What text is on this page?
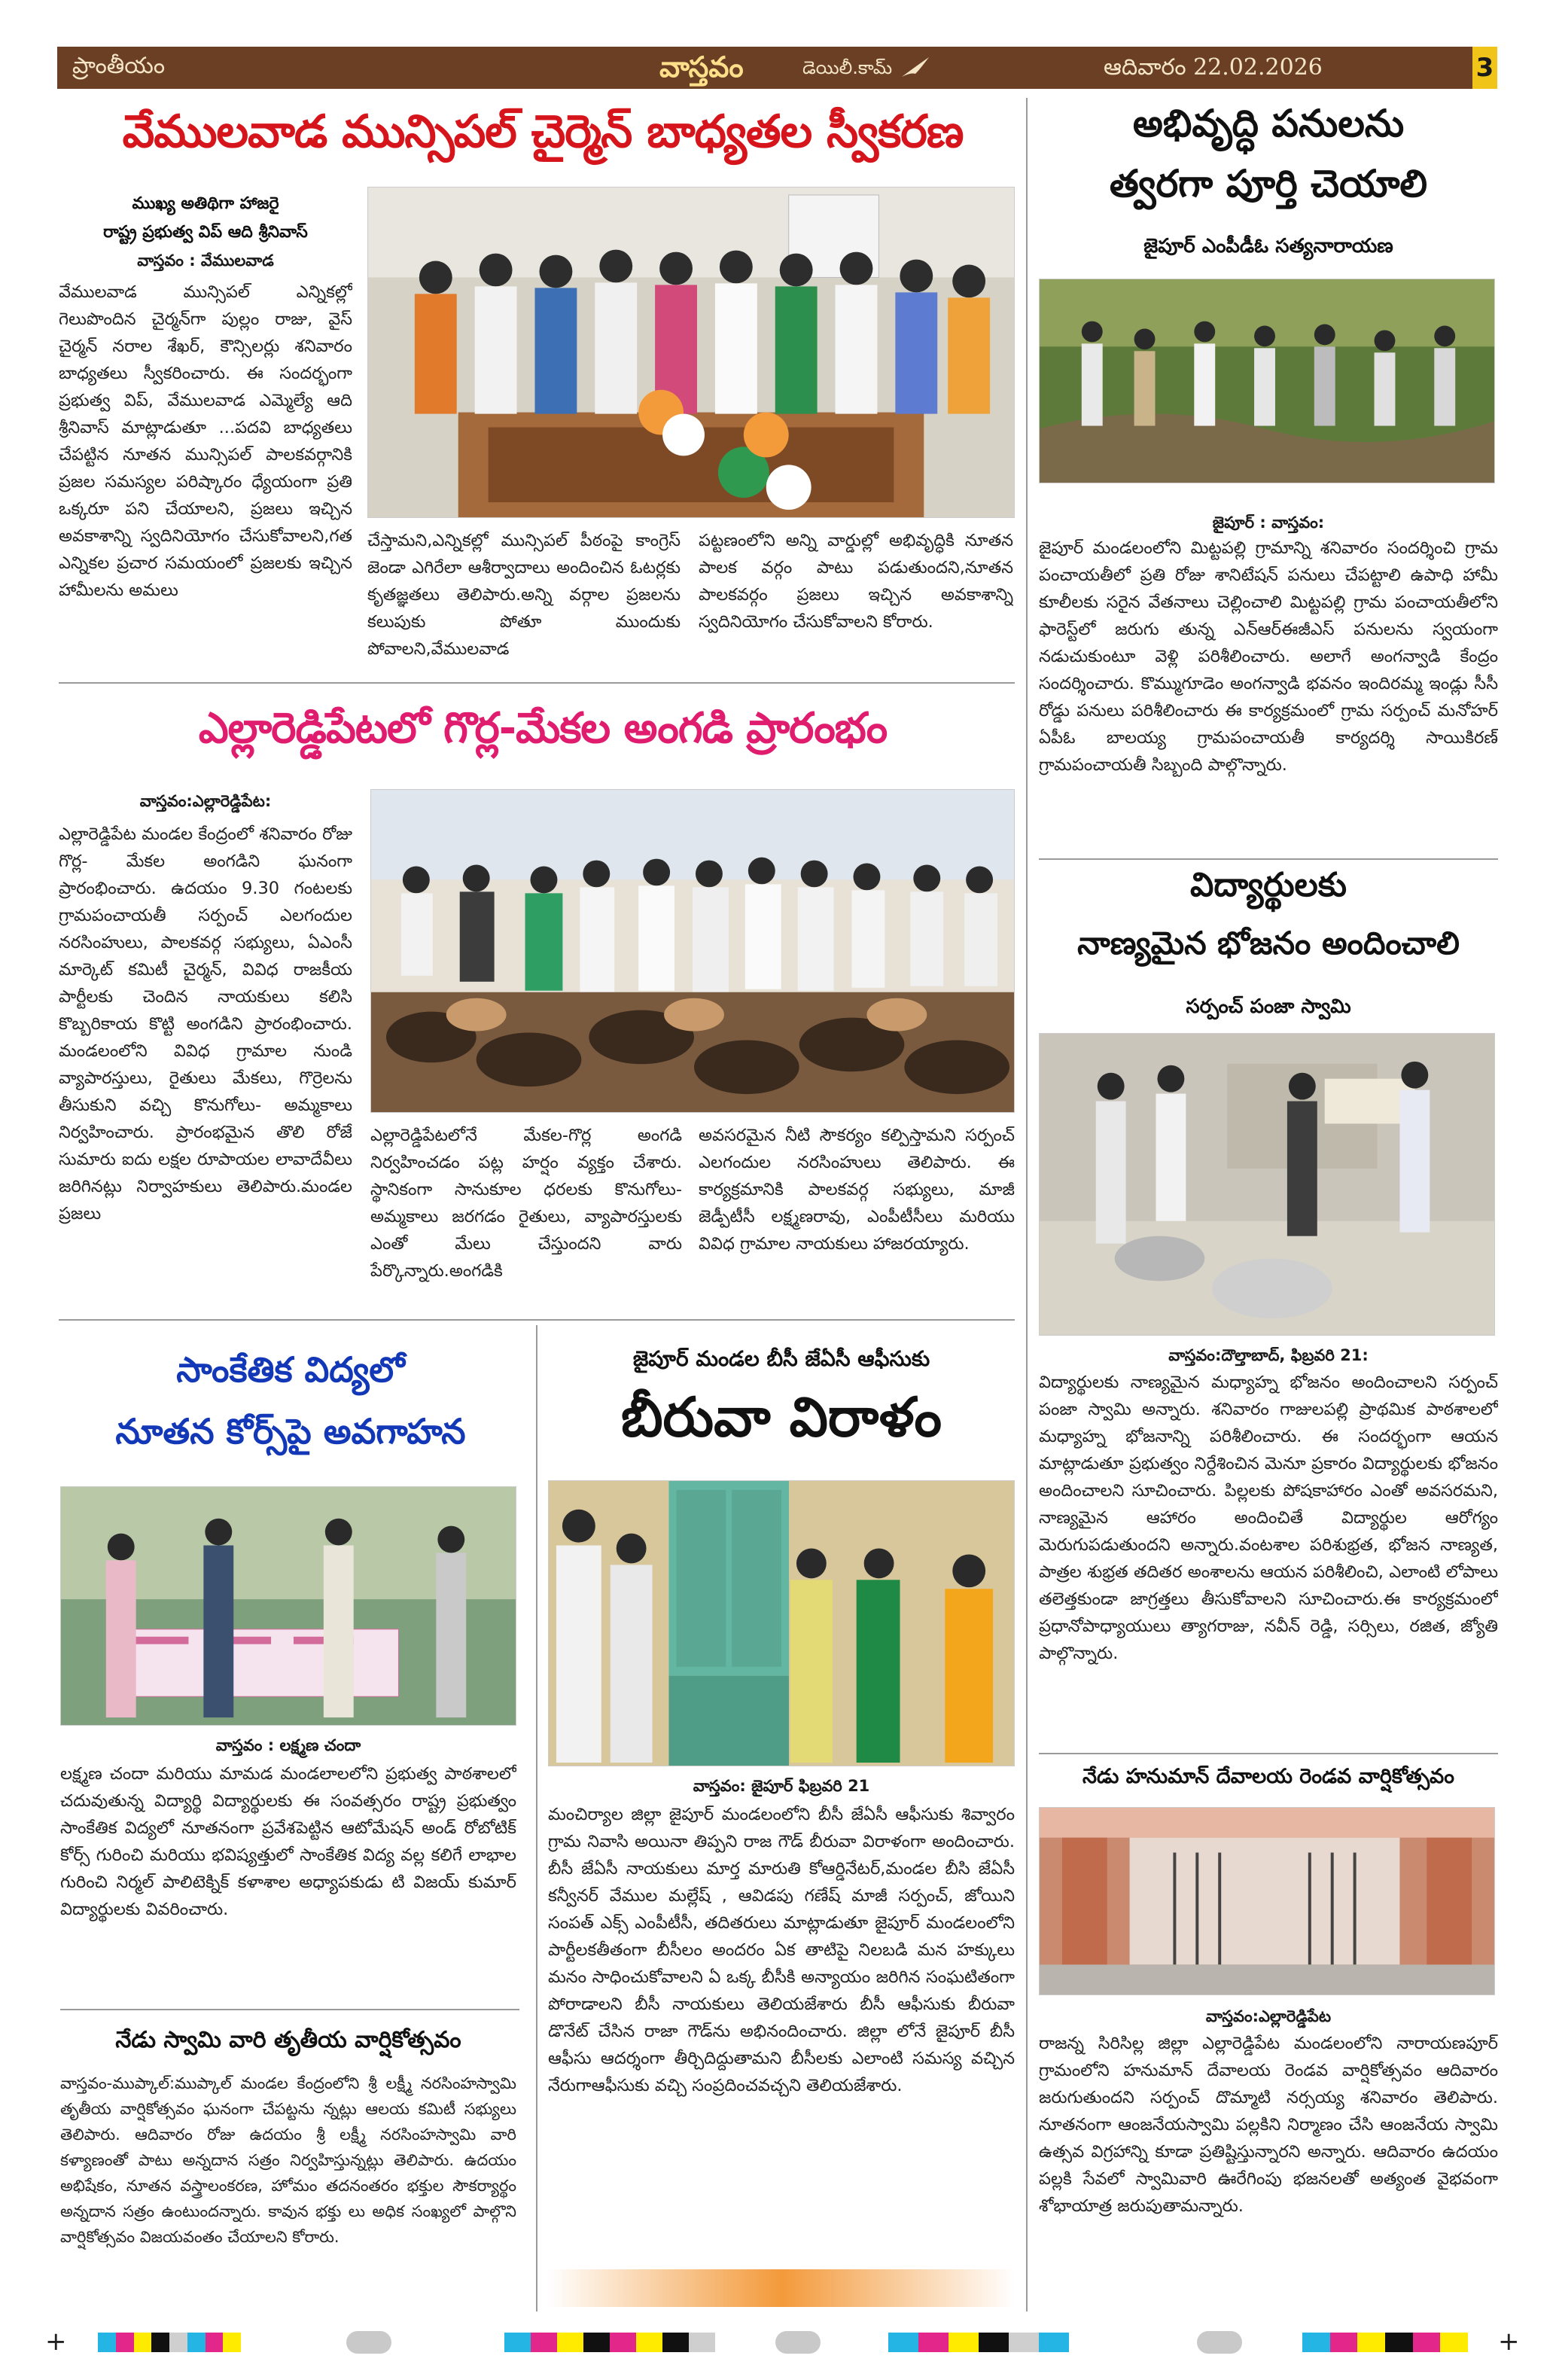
ప్రాంతీయం	వాస్తవం	డెయిలీ.కామ్	ఆదివారం 22.02.2026	3
వేములవాడ మున్సిపల్ చైర్మెన్ బాధ్యతల స్వీకరణ
ముఖ్య అతిథిగా హాజరై
రాష్ట్ర ప్రభుత్వ విప్ ఆది శ్రీనివాస్
వాస్తవం : వేములవాడ
వేములవాడ మున్సిపల్ ఎన్నికల్లో గెలుపొందిన చైర్మన్‌గా పుల్లం రాజు, వైస్ చైర్మన్ నరాల శేఖర్, కౌన్సిలర్లు శనివారం బాధ్యతలు స్వీకరించారు. ఈ సందర్భంగా ప్రభుత్వ విప్, వేములవాడ ఎమ్మెల్యే ఆది శ్రీనివాస్ మాట్లాడుతూ ...పదవి బాధ్యతలు చేపట్టిన నూతన మున్సిపల్ పాలకవర్గానికి ప్రజల సమస్యల పరిష్కారం ధ్యేయంగా ప్రతి ఒక్కరూ పని చేయాలని, ప్రజలు ఇచ్చిన అవకాశాన్ని స్వదినియోగం చేసుకోవాలని,గత ఎన్నికల ప్రచార సమయంలో ప్రజలకు ఇచ్చిన హామీలను అమలు
చేస్తామని,ఎన్నికల్లో మున్సిపల్ పీఠంపై కాంగ్రెస్ జెండా ఎగిరేలా ఆశీర్వాదాలు అందించిన ఓటర్లకు కృతజ్ఞతలు తెలిపారు.అన్ని వర్గాల ప్రజలను కలుపుకు పోతూ ముందుకు పోవాలని,వేములవాడ
పట్టణంలోని అన్ని వార్డుల్లో అభివృద్ధికి నూతన పాలక వర్గం పాటు పడుతుందని,నూతన పాలకవర్గం ప్రజలు ఇచ్చిన అవకాశాన్ని స్వదినియోగం చేసుకోవాలని కోరారు.
ఎల్లారెడ్డిపేటలో గొర్ల-మేకల అంగడి ప్రారంభం
వాస్తవం:ఎల్లారెడ్డిపేట:
ఎల్లారెడ్డిపేట మండల కేంద్రంలో శనివారం రోజు గొర్ల- మేకల అంగడిని ఘనంగా ప్రారంభించారు. ఉదయం 9.30 గంటలకు గ్రామపంచాయతీ సర్పంచ్ ఎలగందుల నరసింహులు, పాలకవర్గ సభ్యులు, ఏఎంసీ మార్కెట్ కమిటీ చైర్మన్, వివిధ రాజకీయ పార్టీలకు చెందిన నాయకులు కలిసి కొబ్బరికాయ కొట్టి అంగడిని ప్రారంభించారు. మండలంలోని వివిధ గ్రామాల నుండి వ్యాపారస్తులు, రైతులు మేకలు, గొర్రెలను తీసుకుని వచ్చి కొనుగోలు- అమ్మకాలు నిర్వహించారు. ప్రారంభమైన తొలి రోజే సుమారు ఐదు లక్షల రూపాయల లావాదేవీలు జరిగినట్లు నిర్వాహకులు తెలిపారు.మండల ప్రజలు
ఎల్లారెడ్డిపేటలోనే మేకల-గొర్ల అంగడి నిర్వహించడం పట్ల హర్షం వ్యక్తం చేశారు. స్థానికంగా సానుకూల ధరలకు కొనుగోలు- అమ్మకాలు జరగడం రైతులు, వ్యాపారస్తులకు ఎంతో మేలు చేస్తుందని వారు పేర్కొన్నారు.అంగడికి
అవసరమైన నీటి సౌకర్యం కల్పిస్తామని సర్పంచ్ ఎలగందుల నరసింహులు తెలిపారు. ఈ కార్యక్రమానికి పాలకవర్గ సభ్యులు, మాజీ జెడ్పీటీసీ లక్ష్మణరావు, ఎంపీటీసీలు మరియు వివిధ గ్రామాల నాయకులు హాజరయ్యారు.
అభివృద్ధి పనులను
త్వరగా పూర్తి చెయాలి
జైపూర్ ఎంపీడీఓ సత్యనారాయణ
జైపూర్ : వాస్తవం:
జైపూర్ మండలంలోని మిట్టపల్లి గ్రామాన్ని శనివారం సందర్శించి గ్రామ పంచాయతీలో ప్రతి రోజు శానిటేషన్ పనులు చేపట్టాలి ఉపాధి హామీ కూలీలకు సరైన వేతనాలు చెల్లించాలి మిట్టపల్లి గ్రామ పంచాయతీలోని ఫారెస్ట్‌లో జరుగు తున్న ఎన్ఆర్ఈజీఎస్ పనులను స్వయంగా నడుచుకుంటూ వెళ్లి పరిశీలించారు. అలాగే అంగన్వాడి కేంద్రం సందర్శించారు. కొమ్ముగూడెం అంగన్వాడి భవనం ఇందిరమ్మ ఇండ్లు సీసీ రోడ్డు పనులు పరిశీలించారు ఈ కార్యక్రమంలో గ్రామ సర్పంచ్ మనోహర్ ఏపీఓ బాలయ్య గ్రామపంచాయతీ కార్యదర్శి సాయికిరణ్ గ్రామపంచాయతీ సిబ్బంది పాల్గొన్నారు.
విద్యార్థులకు
నాణ్యమైన భోజనం అందించాలి
సర్పంచ్ పంజా స్వామి
వాస్తవం:దౌల్తాబాద్, ఫిబ్రవరి 21:
విద్యార్థులకు నాణ్యమైన మధ్యాహ్న భోజనం అందించాలని సర్పంచ్ పంజా స్వామి అన్నారు. శనివారం గాజులపల్లి ప్రాథమిక పాఠశాలలో మధ్యాహ్న భోజనాన్ని పరిశీలించారు. ఈ సందర్భంగా ఆయన మాట్లాడుతూ ప్రభుత్వం నిర్దేశించిన మెనూ ప్రకారం విద్యార్థులకు భోజనం అందించాలని సూచించారు. పిల్లలకు పోషకాహారం ఎంతో అవసరమని, నాణ్యమైన ఆహారం అందించితే విద్యార్థుల ఆరోగ్యం మెరుగుపడుతుందని అన్నారు.వంటశాల పరిశుభ్రత, భోజన నాణ్యత, పాత్రల శుభ్రత తదితర అంశాలను ఆయన పరిశీలించి, ఎలాంటి లోపాలు తలెత్తకుండా జాగ్రత్తలు తీసుకోవాలని సూచించారు.ఈ కార్యక్రమంలో ప్రధానోపాధ్యాయులు త్యాగరాజు, నవీన్ రెడ్డి, సర్సిలు, రజిత, జ్యోతి పాల్గొన్నారు.
నేడు హనుమాన్ దేవాలయ రెండవ వార్షికోత్సవం
వాస్తవం:ఎల్లారెడ్డిపేట
రాజన్న సిరిసిల్ల జిల్లా ఎల్లారెడ్డిపేట మండలంలోని నారాయణపూర్ గ్రామంలోని హనుమాన్ దేవాలయ రెండవ వార్షికోత్సవం ఆదివారం జరుగుతుందని సర్పంచ్ దొమ్మాటి నర్సయ్య శనివారం తెలిపారు. నూతనంగా ఆంజనేయస్వామి పల్లకిని నిర్మాణం చేసి ఆంజనేయ స్వామి ఉత్సవ విగ్రహాన్ని కూడా ప్రతిష్టిస్తున్నారని అన్నారు. ఆదివారం ఉదయం పల్లకి సేవలో స్వామివారి ఊరేగింపు భజనలతో అత్యంత వైభవంగా శోభాయాత్ర జరుపుతామన్నారు.
సాంకేతిక విద్యలో
నూతన కోర్స్‌పై అవగాహన
వాస్తవం : లక్ష్మణ చందా
లక్ష్మణ చందా మరియు మామడ మండలాలలోని ప్రభుత్వ పాఠశాలలో చదువుతున్న విద్యార్థి విద్యార్థులకు ఈ సంవత్సరం రాష్ట్ర ప్రభుత్వం సాంకేతిక విద్యలో నూతనంగా ప్రవేశపెట్టిన ఆటోమేషన్ అండ్ రోబోటిక్ కోర్స్ గురించి మరియు భవిష్యత్తులో సాంకేతిక విద్య వల్ల కలిగే లాభాల గురించి నిర్మల్ పాలిటెక్నిక్ కళాశాల అధ్యాపకుడు టి విజయ్ కుమార్ విద్యార్థులకు వివరించారు.
నేడు స్వామి వారి తృతీయ వార్షికోత్సవం
వాస్తవం-ముప్కాల్:ముప్కాల్ మండల కేంద్రంలోని శ్రీ లక్ష్మీ నరసింహస్వామి తృతీయ వార్షికోత్సవం ఘనంగా చేపట్టను న్నట్లు ఆలయ కమిటీ సభ్యులు తెలిపారు. ఆదివారం రోజు ఉదయం శ్రీ లక్ష్మీ నరసింహస్వామి వారి కళ్యాణంతో పాటు అన్నదాన సత్రం నిర్వహిస్తున్నట్లు తెలిపారు. ఉదయం అభిషేకం, నూతన వస్త్రాలంకరణ, హోమం తదనంతరం భక్తుల సౌకర్యార్థం అన్నదాన సత్రం ఉంటుందన్నారు. కావున భక్తు లు అధిక సంఖ్యలో పాల్గొని వార్షికోత్సవం విజయవంతం చేయాలని కోరారు.
జైపూర్ మండల బీసీ జేఏసీ ఆఫీసుకు
బీరువా విరాళం
వాస్తవం: జైపూర్ ఫిబ్రవరి 21
మంచిర్యాల జిల్లా జైపూర్ మండలంలోని బీసీ జేఏసీ ఆఫీసుకు శివ్వారం గ్రామ నివాసి అయినా తిప్పని రాజ గౌడ్ బీరువా విరాళంగా అందించారు. బీసీ జేఏసీ నాయకులు మార్త మారుతి కోఆర్డినేటర్,మండల బీసి జేఏసీ కన్వీనర్ వేముల మల్లేష్ , ఆవిడపు గణేష్ మాజీ సర్పంచ్, జోయిని సంపత్ ఎక్స్ ఎంపీటీసీ, తదితరులు మాట్లాడుతూ జైపూర్ మండలంలోని పార్టీలకతీతంగా బీసీలం అందరం ఏక తాటిపై నిలబడి మన హక్కులు మనం సాధించుకోవాలని ఏ ఒక్క బీసీకి అన్యాయం జరిగిన సంఘటితంగా పోరాడాలని బీసీ నాయకులు తెలియజేశారు బీసీ ఆఫీసుకు బీరువా డొనేట్ చేసిన రాజా గౌడ్‌ను అభినందించారు. జిల్లా లోనే జైపూర్ బీసీ ఆఫీసు ఆదర్శంగా తీర్చిదిద్దుతామని బీసీలకు ఎలాంటి సమస్య వచ్చిన నేరుగాఆఫీసుకు వచ్చి సంప్రదించవచ్చని తెలియజేశారు.
+	+
